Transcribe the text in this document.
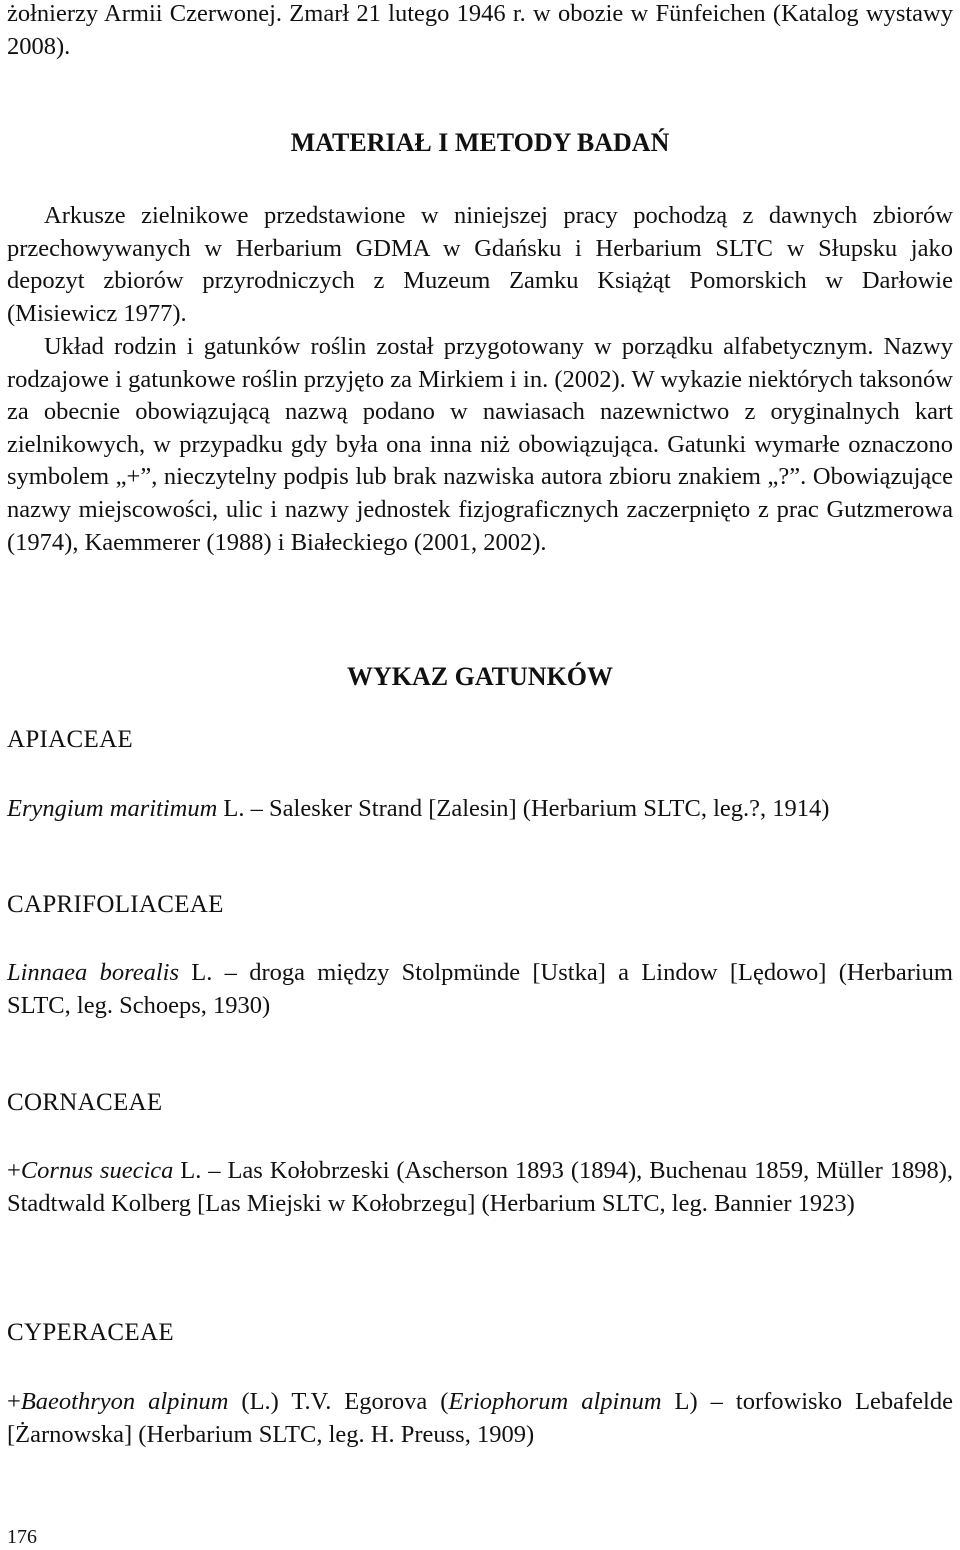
żołnierzy Armii Czerwonej. Zmarł 21 lutego 1946 r. w obozie w Fünfeichen (Katalog wystawy 2008).

MATERIAŁ I METODY BADAŃ

Arkusze zielnikowe przedstawione w niniejszej pracy pochodzą z dawnych zbiorów przechowywanych w Herbarium GDMA w Gdańsku i Herbarium SLTC w Słupsku jako depozyt zbiorów przyrodniczych z Muzeum Zamku Książąt Pomorskich w Darłowie (Misiewicz 1977).

Układ rodzin i gatunków roślin został przygotowany w porządku alfabetycznym. Nazwy rodzajowe i gatunkowe roślin przyjęto za Mirkiem i in. (2002). W wykazie niektórych taksonów za obecnie obowiązującą nazwą podano w nawiasach nazewnictwo z oryginalnych kart zielnikowych, w przypadku gdy była ona inna niż obowiązująca. Gatunki wymarłe oznaczono symbolem „+”, nieczytelny podpis lub brak nazwiska autora zbioru znakiem „?”. Obowiązujące nazwy miejscowości, ulic i nazwy jednostek fizjograficznych zaczerpnięto z prac Gutzmerowa (1974), Kaemmerer (1988) i Białeckiego (2001, 2002).

WYKAZ GATUNKÓW
APIACEAE

Eryngium maritimum L. – Salesker Strand [Zalesin] (Herbarium SLTC, leg.?, 1914)

CAPRIFOLIACEAE

Linnaea borealis L. – droga między Stolpmünde [Ustka] a Lindow [Lędowo] (Herbarium SLTC, leg. Schoeps, 1930)

CORNACEAE

+Cornus suecica L. – Las Kołobrzeski (Ascherson 1893 (1894), Buchenau 1859, Müller 1898), Stadtwald Kolberg [Las Miejski w Kołobrzegu] (Herbarium SLTC, leg. Bannier 1923)

CYPERACEAE

+Baeothryon alpinum (L.) T.V. Egorova (Eriophorum alpinum L) – torfowisko Lebafelde [Żarnowska] (Herbarium SLTC, leg. H. Preuss, 1909)

176
